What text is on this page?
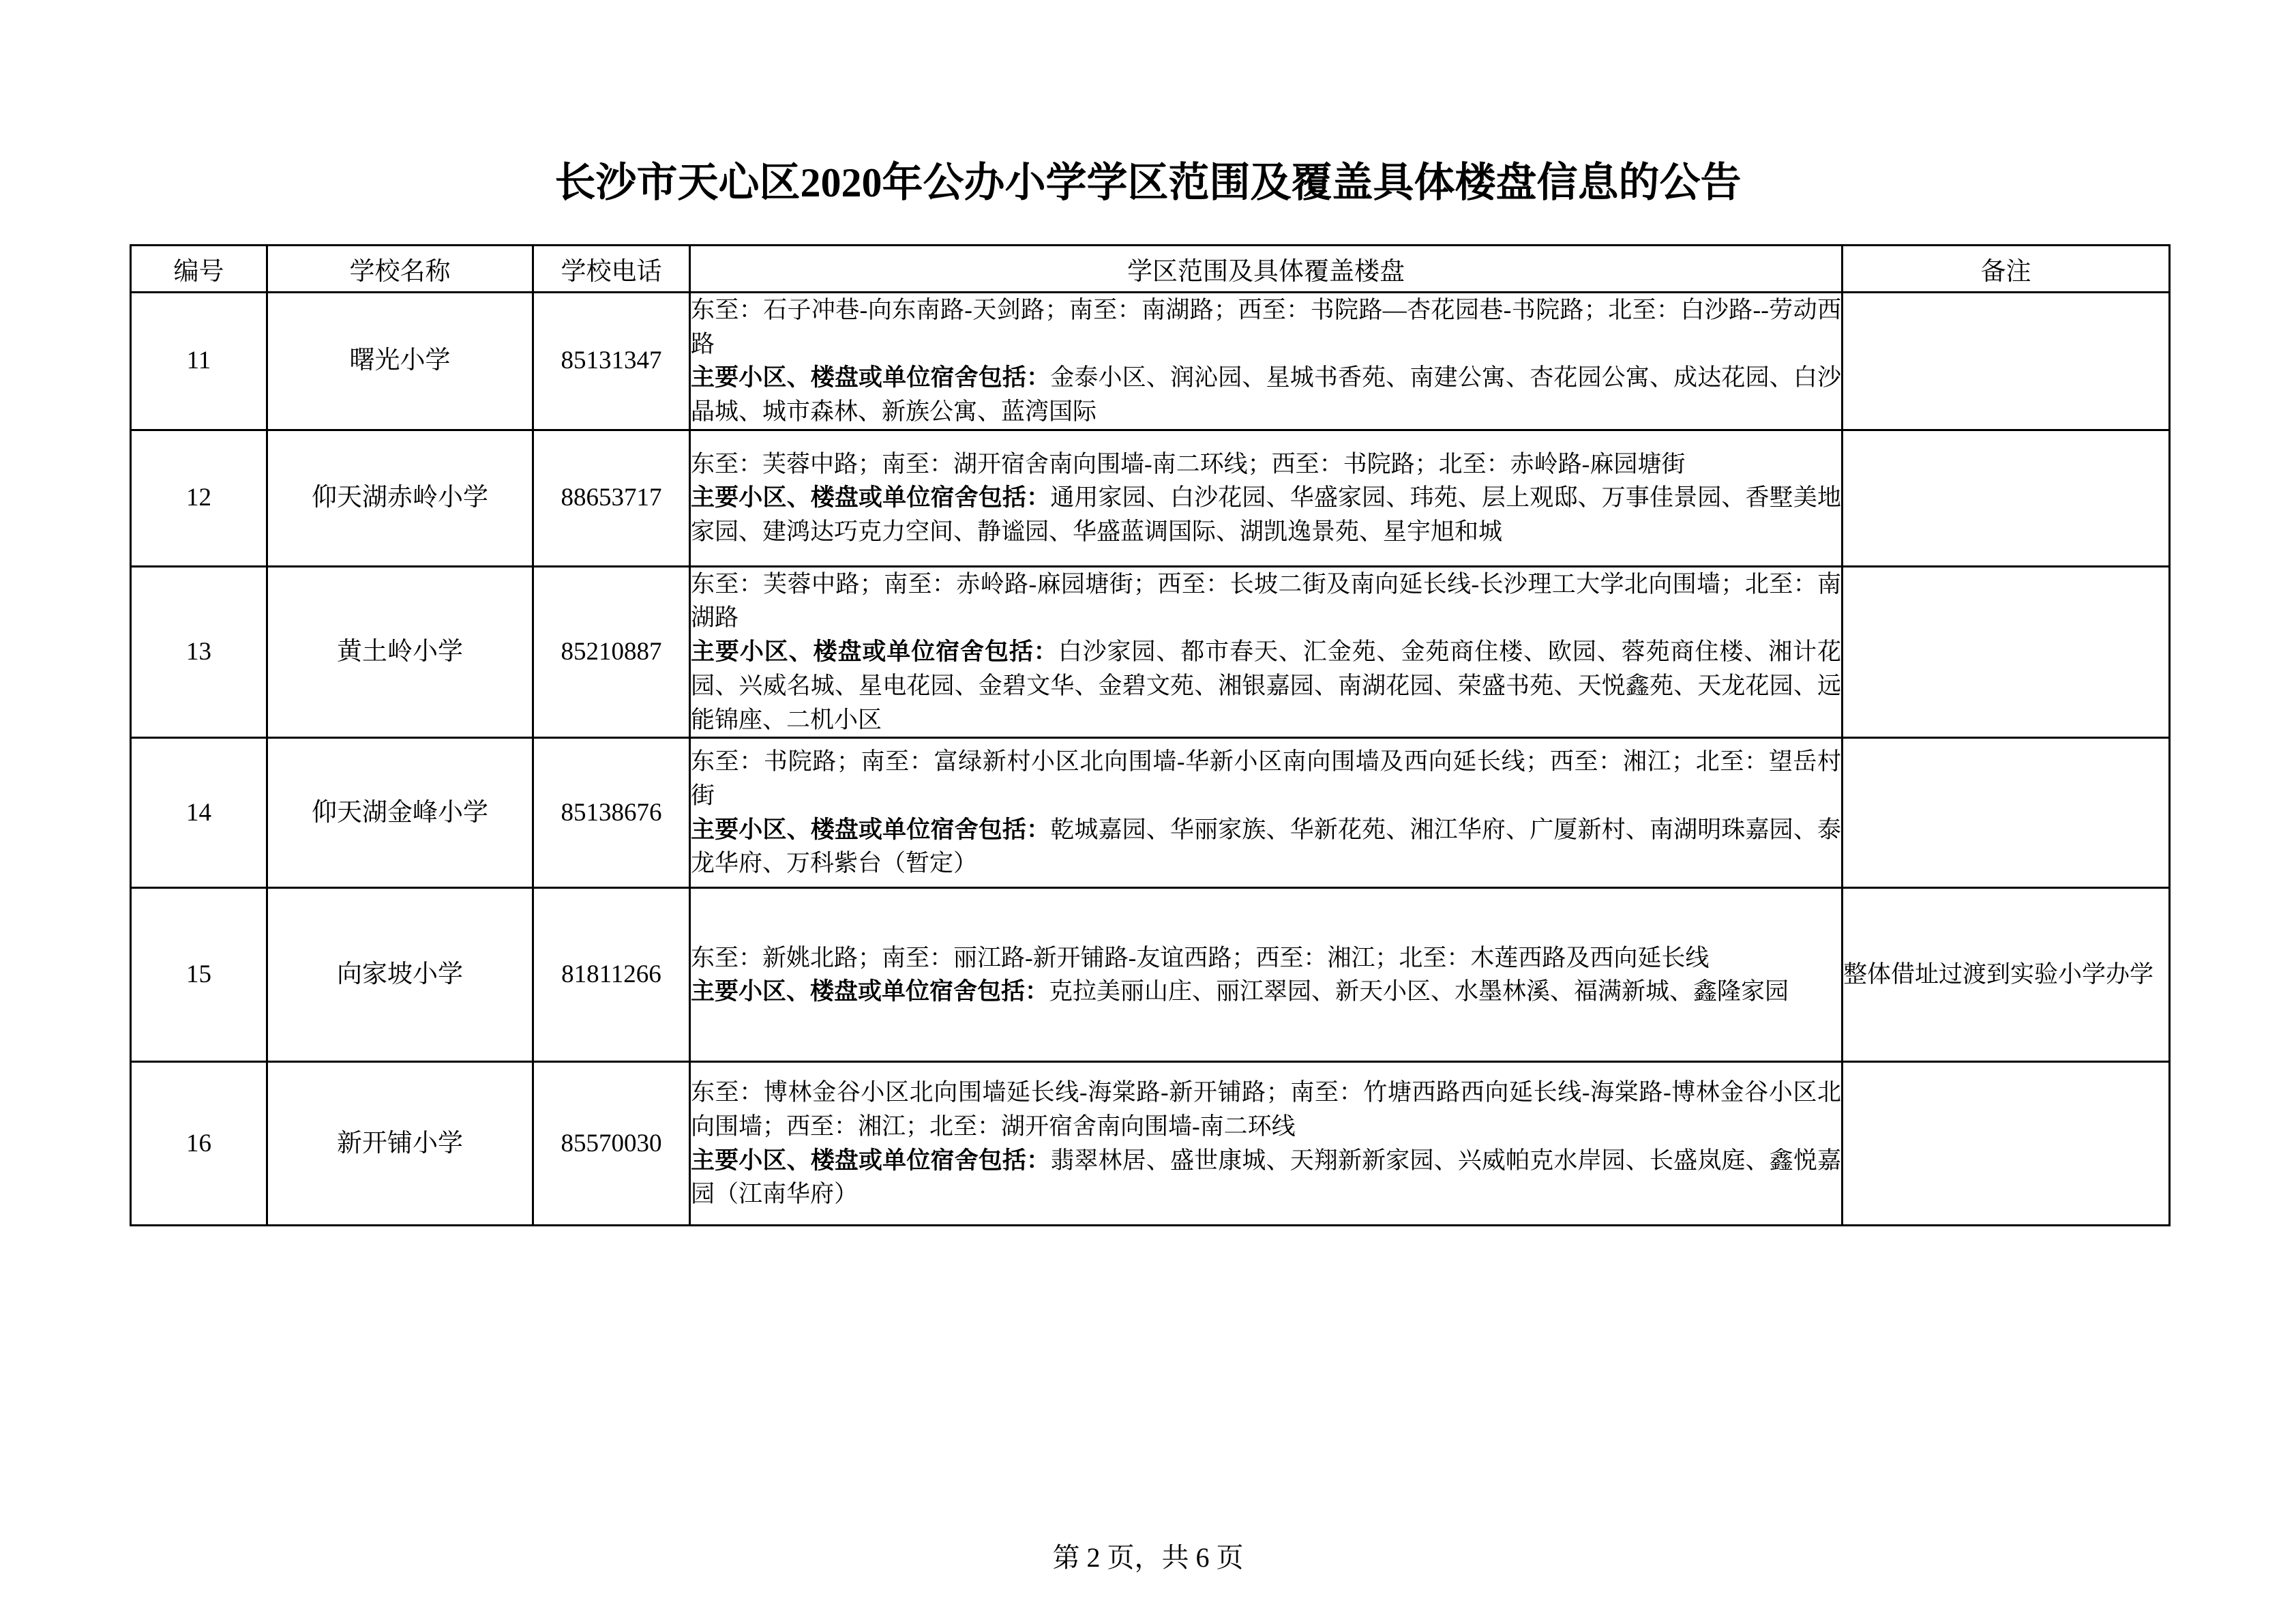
长沙市天心区2020年公办小学学区范围及覆盖具体楼盘信息的公告
编号	学校名称	学校电话	学区范围及具体覆盖楼盘	备注
11	曙光小学	85131347	东至：石子冲巷-向东南路-天剑路；南至：南湖路；西至：书院路—杏花园巷-书院路；北至：白沙路--劳动西路
主要小区、楼盘或单位宿舍包括：金泰小区、润沁园、星城书香苑、南建公寓、杏花园公寓、成达花园、白沙晶城、城市森林、新族公寓、蓝湾国际	

12	仰天湖赤岭小学	88653717	东至：芙蓉中路；南至：湖开宿舍南向围墙-南二环线；西至：书院路；北至：赤岭路-麻园塘街
主要小区、楼盘或单位宿舍包括：通用家园、白沙花园、华盛家园、玮苑、层上观邸、万事佳景园、香墅美地家园、建鸿达巧克力空间、静谧园、华盛蓝调国际、湖凯逸景苑、星宇旭和城	

13	黄土岭小学	85210887	东至：芙蓉中路；南至：赤岭路-麻园塘街；西至：长坡二街及南向延长线-长沙理工大学北向围墙；北至：南湖路
主要小区、楼盘或单位宿舍包括：白沙家园、都市春天、汇金苑、金苑商住楼、欧园、蓉苑商住楼、湘计花园、兴威名城、星电花园、金碧文华、金碧文苑、湘银嘉园、南湖花园、荣盛书苑、天悦鑫苑、天龙花园、远能锦座、二机小区	

14	仰天湖金峰小学	85138676	东至：书院路；南至：富绿新村小区北向围墙-华新小区南向围墙及西向延长线；西至：湘江；北至：望岳村街
主要小区、楼盘或单位宿舍包括：乾城嘉园、华丽家族、华新花苑、湘江华府、广厦新村、南湖明珠嘉园、泰龙华府、万科紫台（暂定）	

15	向家坡小学	81811266	东至：新姚北路；南至：丽江路-新开铺路-友谊西路；西至：湘江；北至：木莲西路及西向延长线
主要小区、楼盘或单位宿舍包括：克拉美丽山庄、丽江翠园、新天小区、水墨林溪、福满新城、鑫隆家园	整体借址过渡到实验小学办学
16	新开铺小学	85570030	东至：博林金谷小区北向围墙延长线-海棠路-新开铺路；南至：竹塘西路西向延长线-海棠路-博林金谷小区北向围墙；西至：湘江；北至：湖开宿舍南向围墙-南二环线
主要小区、楼盘或单位宿舍包括：翡翠林居、盛世康城、天翔新新家园、兴威帕克水岸园、长盛岚庭、鑫悦嘉园（江南华府）	

第 2 页，共 6 页
